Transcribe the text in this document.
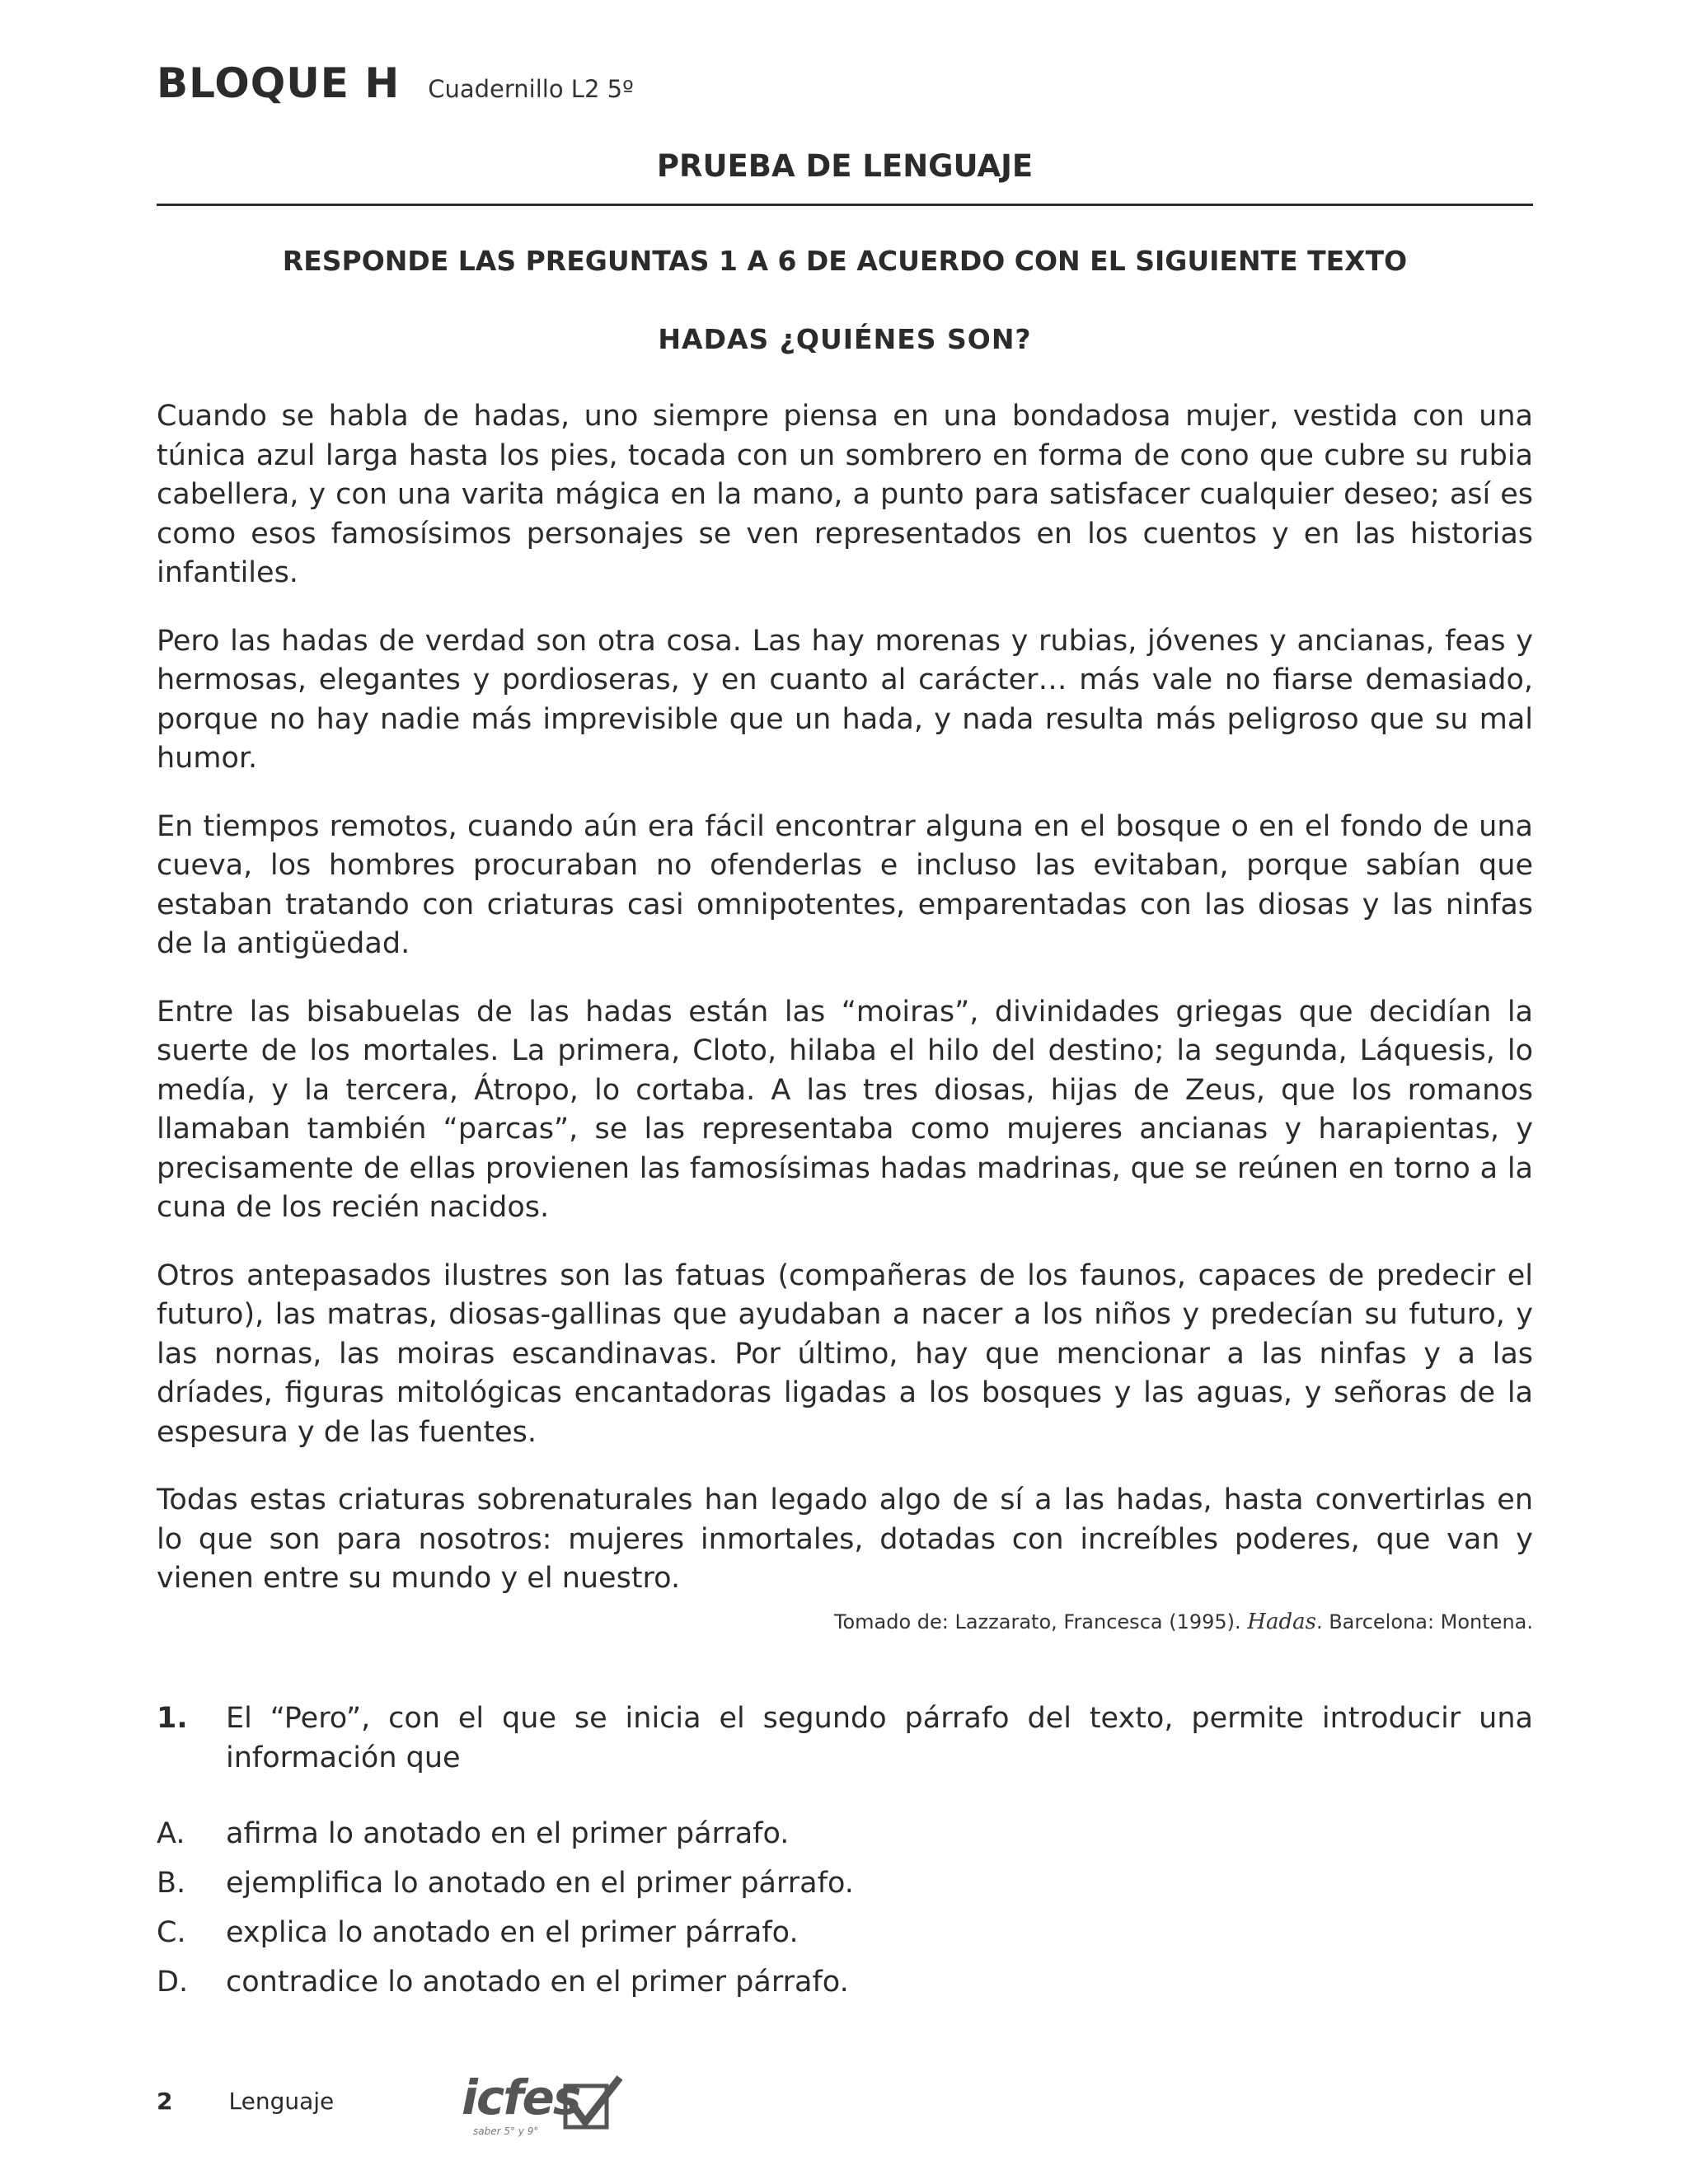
BLOQUE H Cuadernillo L2 5º
PRUEBA DE LENGUAJE
RESPONDE LAS PREGUNTAS 1 A 6 DE ACUERDO CON EL SIGUIENTE TEXTO
HADAS ¿QUIÉNES SON?

Cuando se habla de hadas, uno siempre piensa en una bondadosa mujer, vestida con una túnica azul larga hasta los pies, tocada con un sombrero en forma de cono que cubre su rubia cabellera, y con una varita mágica en la mano, a punto para satisfacer cualquier deseo; así es como esos famosísimos personajes se ven representados en los cuentos y en las historias infantiles.

Pero las hadas de verdad son otra cosa. Las hay morenas y rubias, jóvenes y ancianas, feas y hermosas, elegantes y pordioseras, y en cuanto al carácter… más vale no fiarse demasiado, porque no hay nadie más imprevisible que un hada, y nada resulta más peligroso que su mal humor.

En tiempos remotos, cuando aún era fácil encontrar alguna en el bosque o en el fondo de una cueva, los hombres procuraban no ofenderlas e incluso las evitaban, porque sabían que estaban tratando con criaturas casi omnipotentes, emparentadas con las diosas y las ninfas de la antigüedad.

Entre las bisabuelas de las hadas están las “moiras”, divinidades griegas que decidían la suerte de los mortales. La primera, Cloto, hilaba el hilo del destino; la segunda, Láquesis, lo medía, y la tercera, Átropo, lo cortaba. A las tres diosas, hijas de Zeus, que los romanos llamaban también “parcas”, se las representaba como mujeres ancianas y harapientas, y precisamente de ellas provienen las famosísimas hadas madrinas, que se reúnen en torno a la cuna de los recién nacidos.

Otros antepasados ilustres son las fatuas (compañeras de los faunos, capaces de predecir el futuro), las matras, diosas-gallinas que ayudaban a nacer a los niños y predecían su futuro, y las nornas, las moiras escandinavas. Por último, hay que mencionar a las ninfas y a las dríades, figuras mitológicas encantadoras ligadas a los bosques y las aguas, y señoras de la espesura y de las fuentes.

Todas estas criaturas sobrenaturales han legado algo de sí a las hadas, hasta convertirlas en lo que son para nosotros: mujeres inmortales, dotadas con increíbles poderes, que van y vienen entre su mundo y el nuestro.

Tomado de: Lazzarato, Francesca (1995). Hadas. Barcelona: Montena.
1. El “Pero”, con el que se inicia el segundo párrafo del texto, permite introducir una información que
A. afirma lo anotado en el primer párrafo.
B. ejemplifica lo anotado en el primer párrafo.
C. explica lo anotado en el primer párrafo.
D. contradice lo anotado en el primer párrafo.
2 Lenguaje	icfes
saber 5° y 9°
